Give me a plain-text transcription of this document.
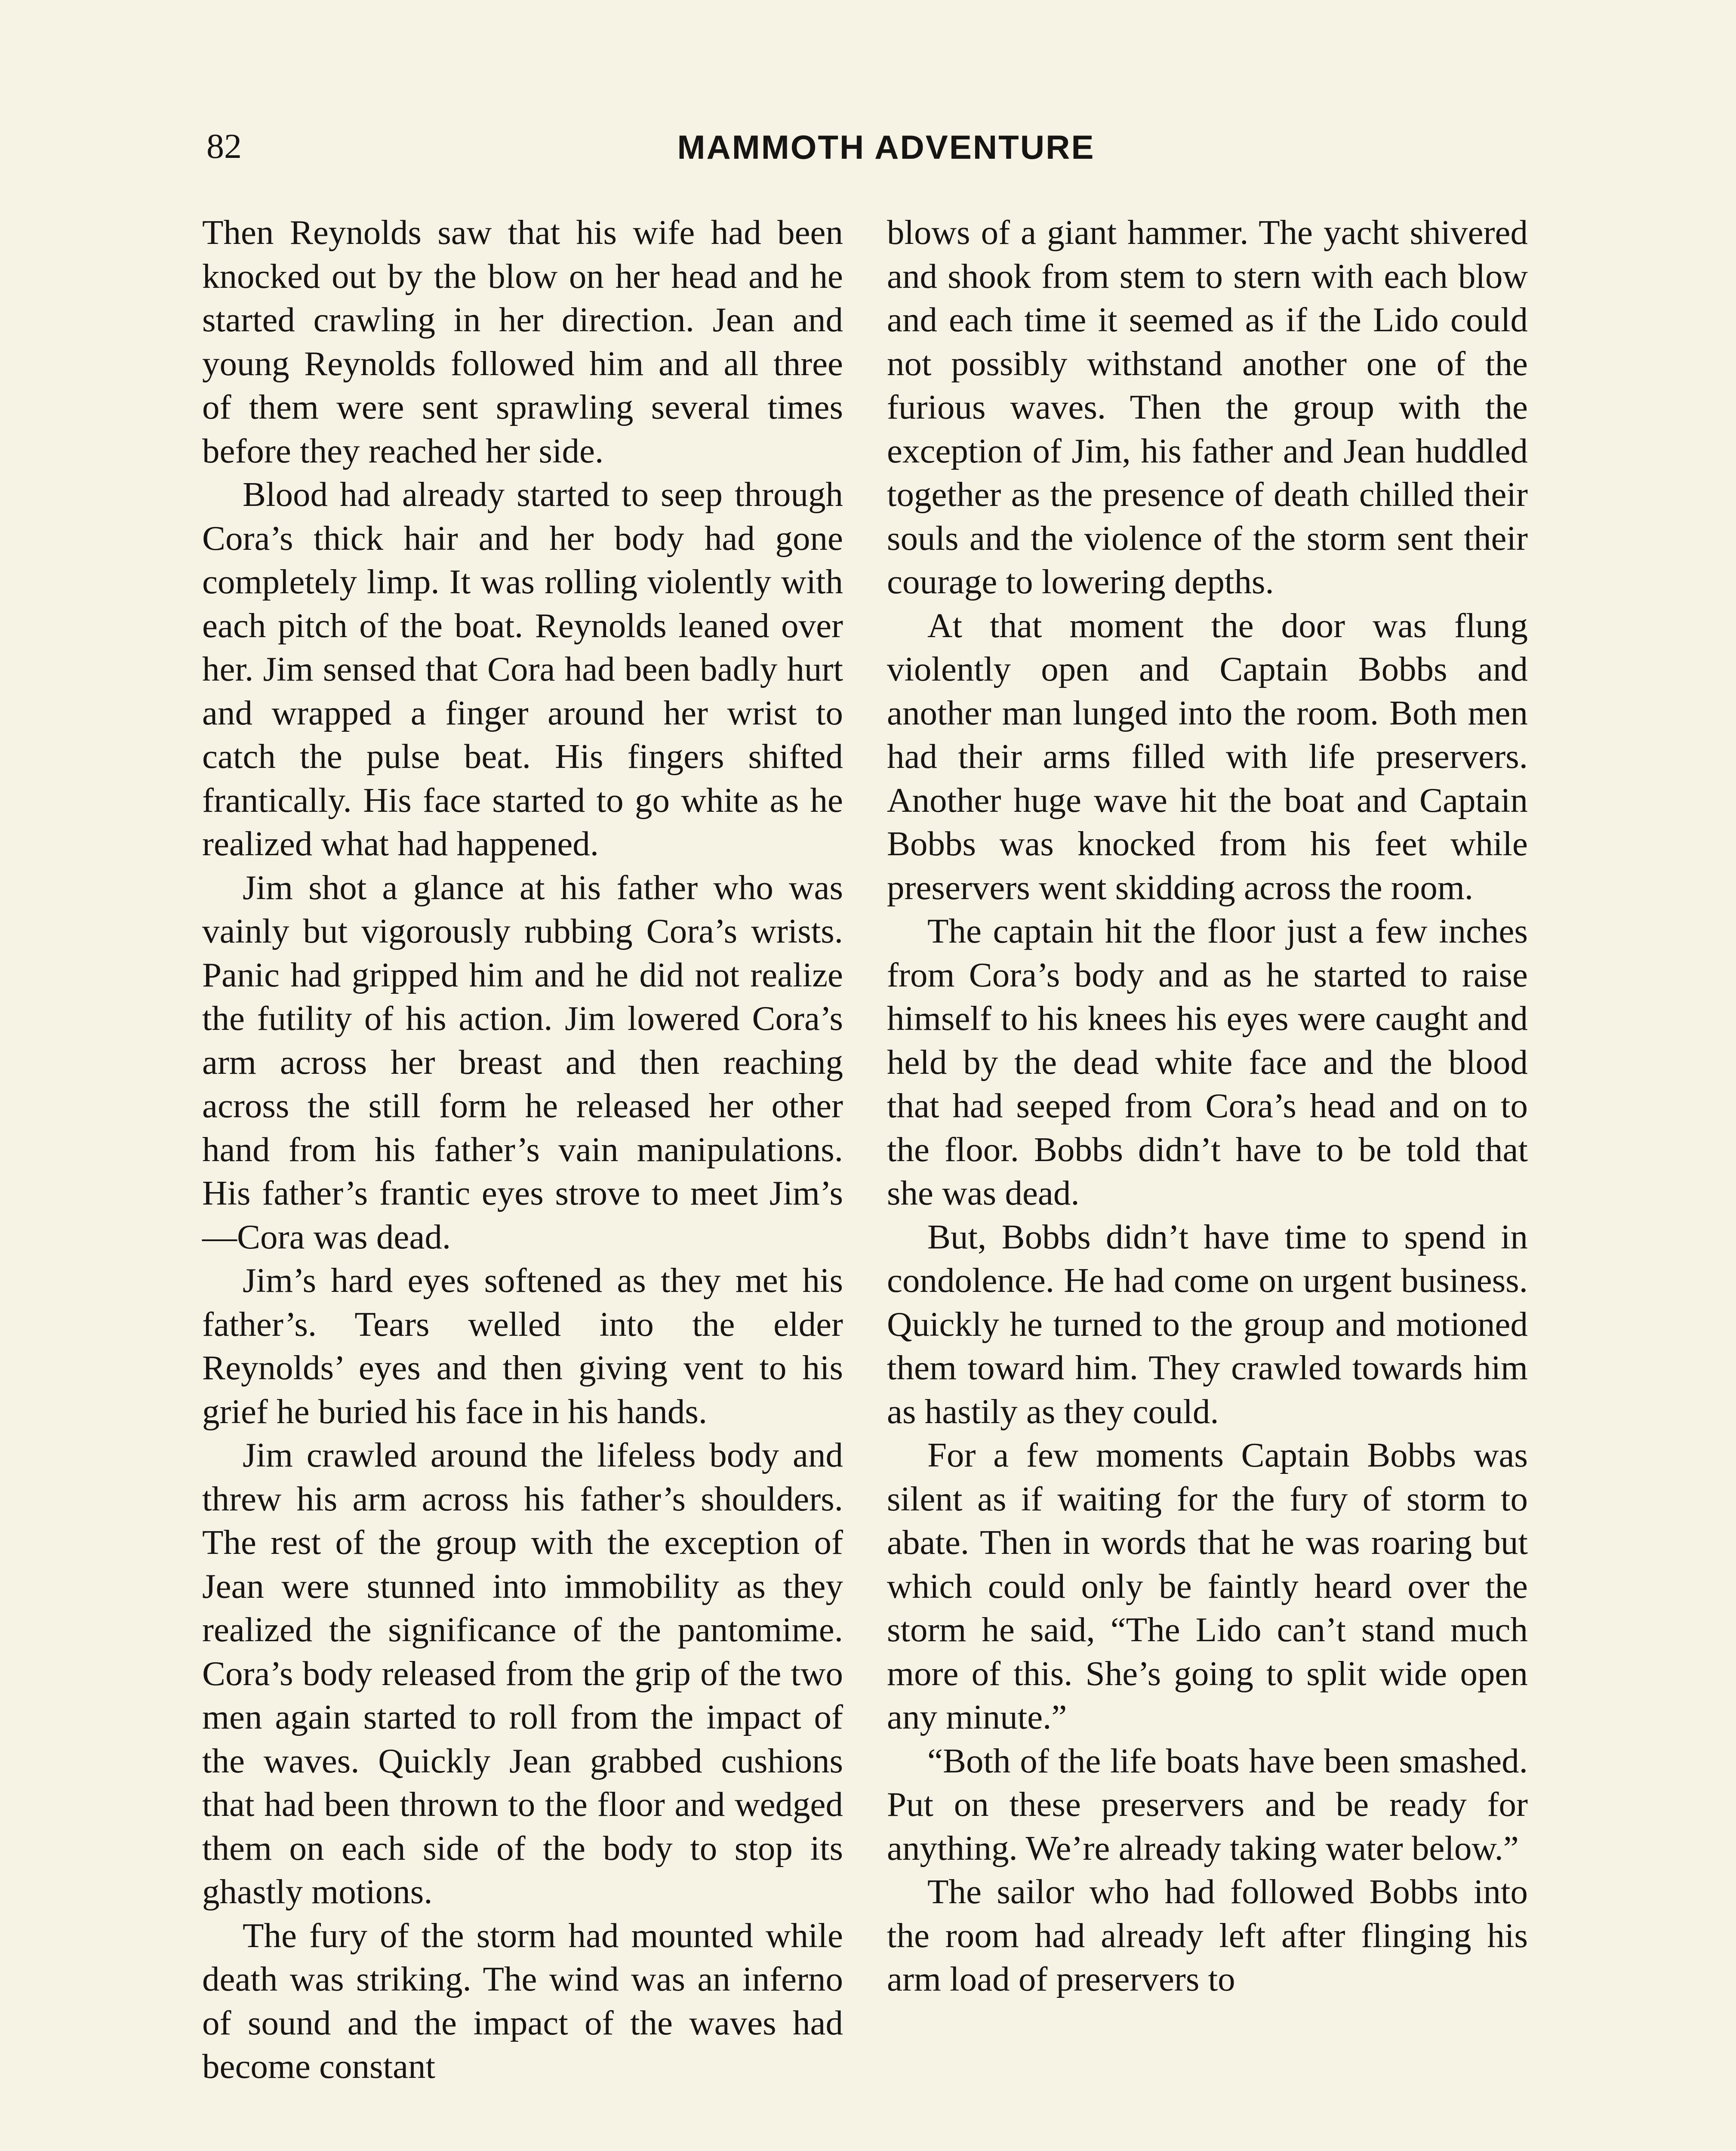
82	MAMMOTH ADVENTURE

Then Reynolds saw that his wife had been knocked out by the blow on her head and he started crawling in her direction. Jean and young Reynolds followed him and all three of them were sent sprawling several times before they reached her side.

Blood had already started to seep through Cora’s thick hair and her body had gone completely limp. It was rolling violently with each pitch of the boat. Reynolds leaned over her. Jim sensed that Cora had been badly hurt and wrapped a finger around her wrist to catch the pulse beat. His fingers shifted frantically. His face started to go white as he realized what had happened.

Jim shot a glance at his father who was vainly but vigorously rubbing Cora’s wrists. Panic had gripped him and he did not realize the futility of his action. Jim lowered Cora’s arm across her breast and then reaching across the still form he released her other hand from his father’s vain manipulations. His father’s frantic eyes strove to meet Jim’s—Cora was dead.

Jim’s hard eyes softened as they met his father’s. Tears welled into the elder Reynolds’ eyes and then giving vent to his grief he buried his face in his hands.

Jim crawled around the lifeless body and threw his arm across his father’s shoulders. The rest of the group with the exception of Jean were stunned into immobility as they realized the significance of the pantomime. Cora’s body released from the grip of the two men again started to roll from the impact of the waves. Quickly Jean grabbed cushions that had been thrown to the floor and wedged them on each side of the body to stop its ghastly motions.

The fury of the storm had mounted while death was striking. The wind was an inferno of sound and the impact of the waves had become constant

blows of a giant hammer. The yacht shivered and shook from stem to stern with each blow and each time it seemed as if the Lido could not possibly withstand another one of the furious waves. Then the group with the exception of Jim, his father and Jean huddled together as the presence of death chilled their souls and the violence of the storm sent their courage to lowering depths.

At that moment the door was flung violently open and Captain Bobbs and another man lunged into the room. Both men had their arms filled with life preservers. Another huge wave hit the boat and Captain Bobbs was knocked from his feet while preservers went skidding across the room.

The captain hit the floor just a few inches from Cora’s body and as he started to raise himself to his knees his eyes were caught and held by the dead white face and the blood that had seeped from Cora’s head and on to the floor. Bobbs didn’t have to be told that she was dead.

But, Bobbs didn’t have time to spend in condolence. He had come on urgent business. Quickly he turned to the group and motioned them toward him. They crawled towards him as hastily as they could.

For a few moments Captain Bobbs was silent as if waiting for the fury of storm to abate. Then in words that he was roaring but which could only be faintly heard over the storm he said, “The Lido can’t stand much more of this. She’s going to split wide open any minute.”

“Both of the life boats have been smashed. Put on these preservers and be ready for anything. We’re already taking water below.”

The sailor who had followed Bobbs into the room had already left after flinging his arm load of preservers to
